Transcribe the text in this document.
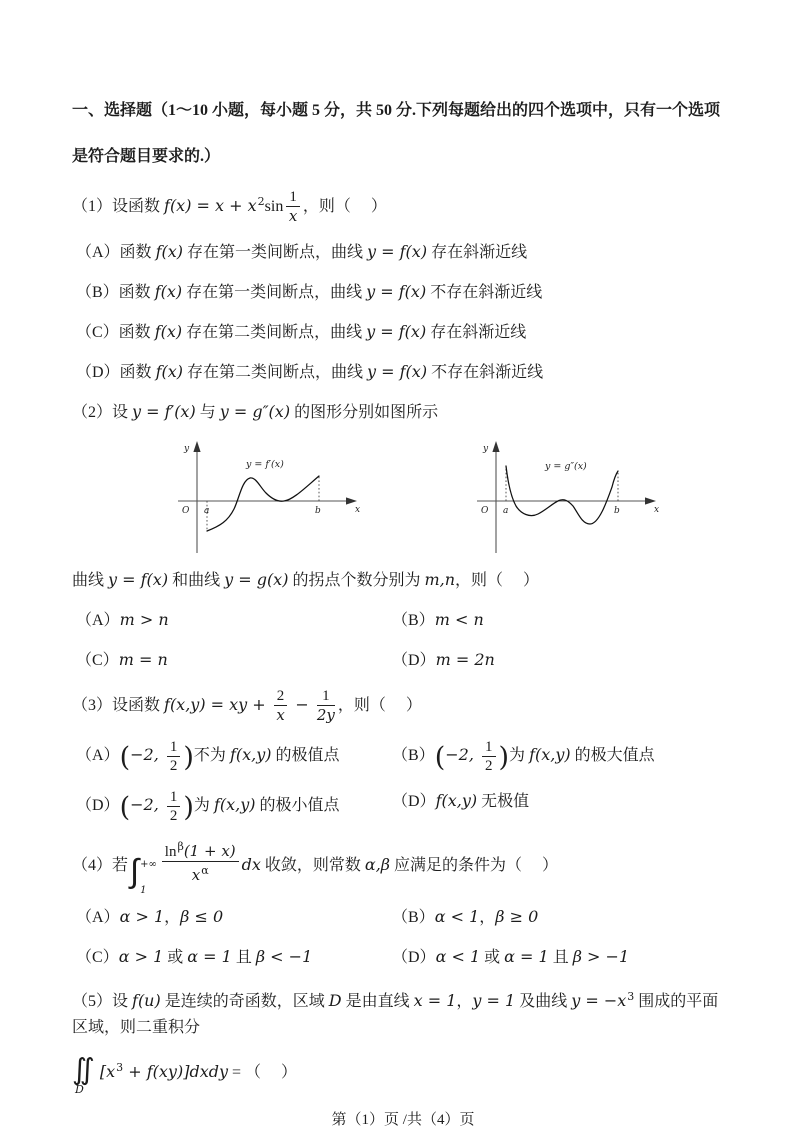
一、选择题（1～10 小题，每小题 5 分，共 50 分.下列每题给出的四个选项中，只有一个选项是符合题目要求的.）
（1）设函数 $f(x) = x + x^2\sin \frac{1}{x}$ ，则（     ）
（A）函数 f(x) 存在第一类间断点，曲线 y = f(x) 存在斜渐近线
（B）函数 f(x) 存在第一类间断点，曲线 y = f(x) 不存在斜渐近线
（C）函数 f(x) 存在第二类间断点，曲线 y = f(x) 存在斜渐近线
（D）函数 f(x) 存在第二类间断点，曲线 y = f(x) 不存在斜渐近线
（2）设 y = f′(x) 与 y = g″(x) 的图形分别如图所示
y
x
O a	b
y = f′(x)
y
x
O a	b
y = g″(x)
曲线 y = f(x) 和曲线 y = g(x) 的拐点个数分别为 m,n，则（     ）
（A）m > n	（B）m < n
（C）m = n	（D）m = 2n
（3）设函数 f(x,y) = xy + $\frac{2}{x} - \frac{1}{2y}$ ，则（     ）
（A）(−2, $\frac{1}{2}$ )不为 f(x,y) 的极值点	（B）(−2, $\frac{1}{2}$ )为 f(x,y) 的极大值点
（D）(−2, $\frac{1}{2}$ )为 f(x,y) 的极小值点	（D）f(x,y) 无极值
（4）若 ∫ +∞
1
$\frac{\ln^\beta(1 + x)}{x^\alpha}$ dx 收敛，则常数 α,β 应满足的条件为（     ）
（A）α > 1，β ≤ 0	（B）α < 1，β ≥ 0
（C）α > 1 或 α = 1 且 β < −1	（D）α < 1 或 α = 1 且 β > −1
（5）设 f(u) 是连续的奇函数，区域 D 是由直线 x = 1，y = 1 及曲线 $y = -x^3$ 围成的平面区域，则二重积分
∬
D
[$x^3$ + f(xy)]dxdy = （     ）
第（1）页 /共（4）页
